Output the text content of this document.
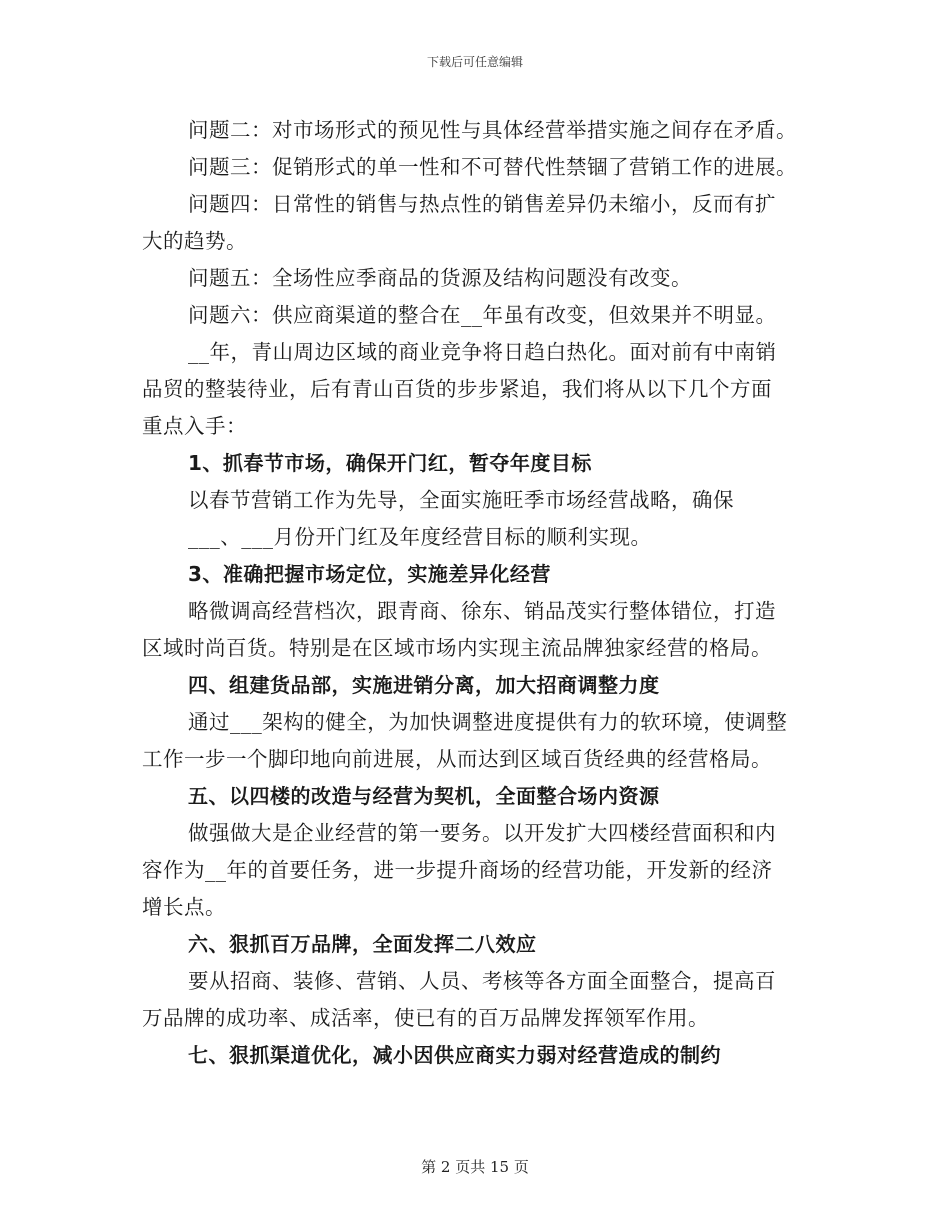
下载后可任意编辑
问题二：对市场形式的预见性与具体经营举措实施之间存在矛盾。
问题三：促销形式的单一性和不可替代性禁锢了营销工作的进展。
问题四：日常性的销售与热点性的销售差异仍未缩小，反而有扩
大的趋势。
问题五：全场性应季商品的货源及结构问题没有改变。
问题六：供应商渠道的整合在__年虽有改变，但效果并不明显。
__年，青山周边区域的商业竞争将日趋白热化。面对前有中南销
品贸的整装待业，后有青山百货的步步紧追，我们将从以下几个方面
重点入手：
1、抓春节市场，确保开门红，暂夺年度目标
以春节营销工作为先导，全面实施旺季市场经营战略，确保
___、___月份开门红及年度经营目标的顺利实现。
3、准确把握市场定位，实施差异化经营
略微调高经营档次，跟青商、徐东、销品茂实行整体错位，打造
区域时尚百货。特别是在区域市场内实现主流品牌独家经营的格局。
四、组建货品部，实施进销分离，加大招商调整力度
通过___架构的健全，为加快调整进度提供有力的软环境，使调整
工作一步一个脚印地向前进展，从而达到区域百货经典的经营格局。
五、以四楼的改造与经营为契机，全面整合场内资源
做强做大是企业经营的第一要务。以开发扩大四楼经营面积和内
容作为__年的首要任务，进一步提升商场的经营功能，开发新的经济
增长点。
六、狠抓百万品牌，全面发挥二八效应
要从招商、装修、营销、人员、考核等各方面全面整合，提高百
万品牌的成功率、成活率，使已有的百万品牌发挥领军作用。
七、狠抓渠道优化，减小因供应商实力弱对经营造成的制约
第 2 页共 15 页
